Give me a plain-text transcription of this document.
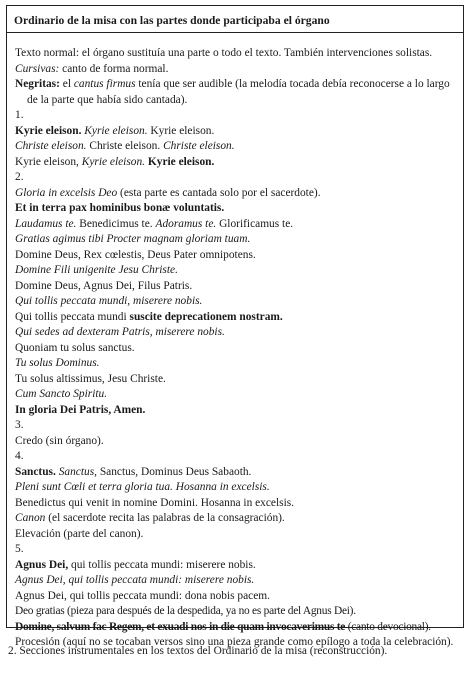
Ordinario de la misa con las partes donde participaba el órgano
Texto normal: el órgano sustituía una parte o todo el texto. También intervenciones solistas.
Cursivas: canto de forma normal.
Negritas: el cantus firmus tenía que ser audible (la melodía tocada debía reconocerse a lo largo de la parte que había sido cantada).
1.
Kyrie eleison. Kyrie eleison. Kyrie eleison.
Christe eleison. Christe eleison. Christe eleison.
Kyrie eleison, Kyrie eleison. Kyrie eleison.
2.
Gloria in excelsis Deo (esta parte es cantada solo por el sacerdote).
Et in terra pax hominibus bonæ voluntatis.
Laudamus te. Benedicimus te. Adoramus te. Glorificamus te.
Gratias agimus tibi Procter magnam gloriam tuam.
Domine Deus, Rex cœlestis, Deus Pater omnipotens.
Domine Fili unigenite Jesu Christe.
Domine Deus, Agnus Dei, Filus Patris.
Qui tollis peccata mundi, miserere nobis.
Qui tollis peccata mundi suscite deprecationem nostram.
Qui sedes ad dexteram Patris, miserere nobis.
Quoniam tu solus sanctus.
Tu solus Dominus.
Tu solus altissimus, Jesu Christe.
Cum Sancto Spiritu.
In gloria Dei Patris, Amen.
3.
Credo (sin órgano).
4.
Sanctus. Sanctus, Sanctus, Dominus Deus Sabaoth.
Pleni sunt Cœli et terra gloria tua. Hosanna in excelsis.
Benedictus qui venit in nomine Domini. Hosanna in excelsis.
Canon (el sacerdote recita las palabras de la consagración).
Elevación (parte del canon).
5.
Agnus Dei, qui tollis peccata mundi: miserere nobis.
Agnus Dei, qui tollis peccata mundi: miserere nobis.
Agnus Dei, qui tollis peccata mundi: dona nobis pacem.
Deo gratias (pieza para después de la despedida, ya no es parte del Agnus Dei).
Domine, salvum fac Regem, et exuadi nos in die quam invocaverimus te (canto devocional).
Procesión (aquí no se tocaban versos sino una pieza grande como epílogo a toda la celebración).
2. Secciones instrumentales en los textos del Ordinario de la misa (reconstrucción).
